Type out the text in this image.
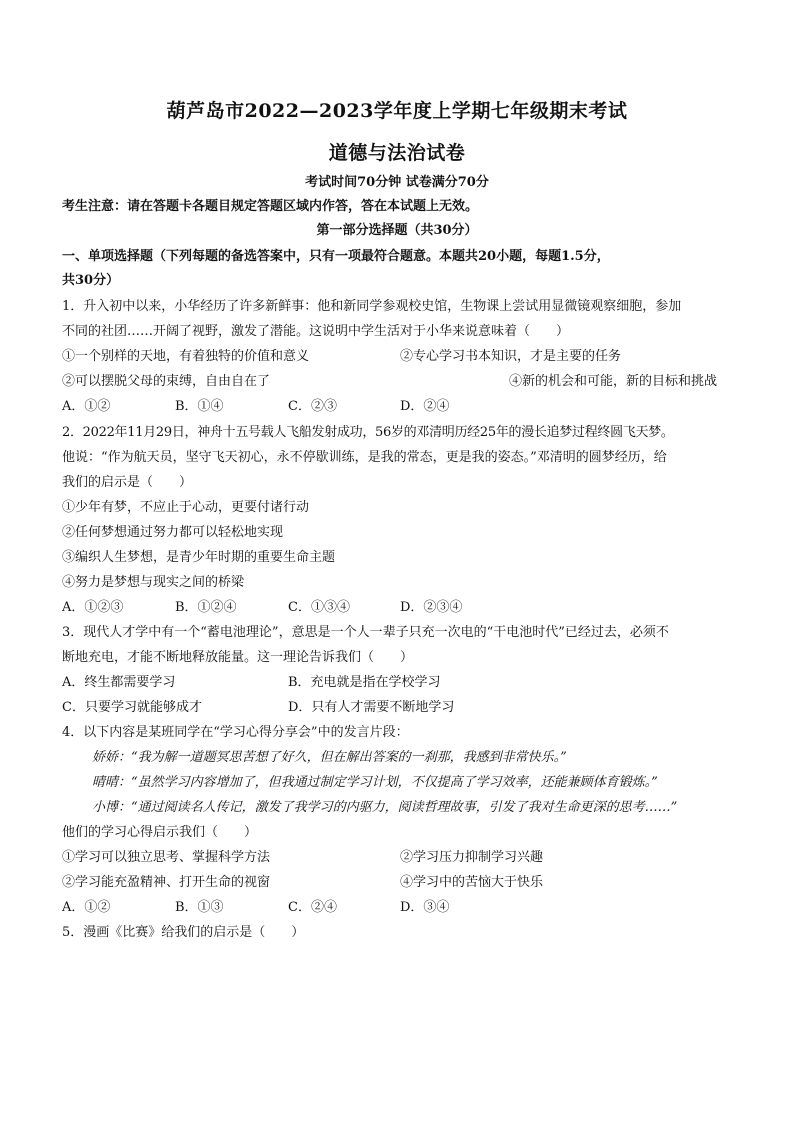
葫芦岛市2022—2023学年度上学期七年级期末考试
道德与法治试卷
考试时间70分钟 试卷满分70分
考生注意：请在答题卡各题目规定答题区域内作答，答在本试题上无效。
第一部分选择题（共30分）
一、单项选择题（下列每题的备选答案中，只有一项最符合题意。本题共20小题，每题1.5分，
共30分）
1．升入初中以来，小华经历了许多新鲜事：他和新同学参观校史馆，生物课上尝试用显微镜观察细胞，参加
不同的社团……开阔了视野，激发了潜能。这说明中学生活对于小华来说意味着（　　）
①一个别样的天地，有着独特的价值和意义	②专心学习书本知识，才是主要的任务
②可以摆脱父母的束缚，自由自在了	④新的机会和可能，新的目标和挑战
A．①②	B．①④	C．②③	D．②④
2．2022年11月29日，神舟十五号载人飞船发射成功，56岁的邓清明历经25年的漫长追梦过程终圆飞天梦。
他说：“作为航天员，坚守飞天初心，永不停歇训练，是我的常态，更是我的姿态。”邓清明的圆梦经历，给
我们的启示是（　　）
①少年有梦，不应止于心动，更要付诸行动
②任何梦想通过努力都可以轻松地实现
③编织人生梦想，是青少年时期的重要生命主题
④努力是梦想与现实之间的桥梁
A．①②③	B．①②④	C．①③④	D．②③④
3．现代人才学中有一个“蓄电池理论”，意思是一个人一辈子只充一次电的“干电池时代”已经过去，必须不
断地充电，才能不断地释放能量。这一理论告诉我们（　　）
A．终生都需要学习	B．充电就是指在学校学习
C．只要学习就能够成才	D．只有人才需要不断地学习
4．以下内容是某班同学在“学习心得分享会”中的发言片段：
娇娇：“我为解一道题冥思苦想了好久，但在解出答案的一刹那，我感到非常快乐。”
晴晴：“虽然学习内容增加了，但我通过制定学习计划，不仅提高了学习效率，还能兼顾体育锻炼。”
小博：“通过阅读名人传记，激发了我学习的内驱力，阅读哲理故事，引发了我对生命更深的思考……”
他们的学习心得启示我们（　　）
①学习可以独立思考、掌握科学方法	②学习压力抑制学习兴趣
②学习能充盈精神、打开生命的视窗	④学习中的苦恼大于快乐
A．①②	B．①③	C．②④	D．③④
5．漫画《比赛》给我们的启示是（　　）
